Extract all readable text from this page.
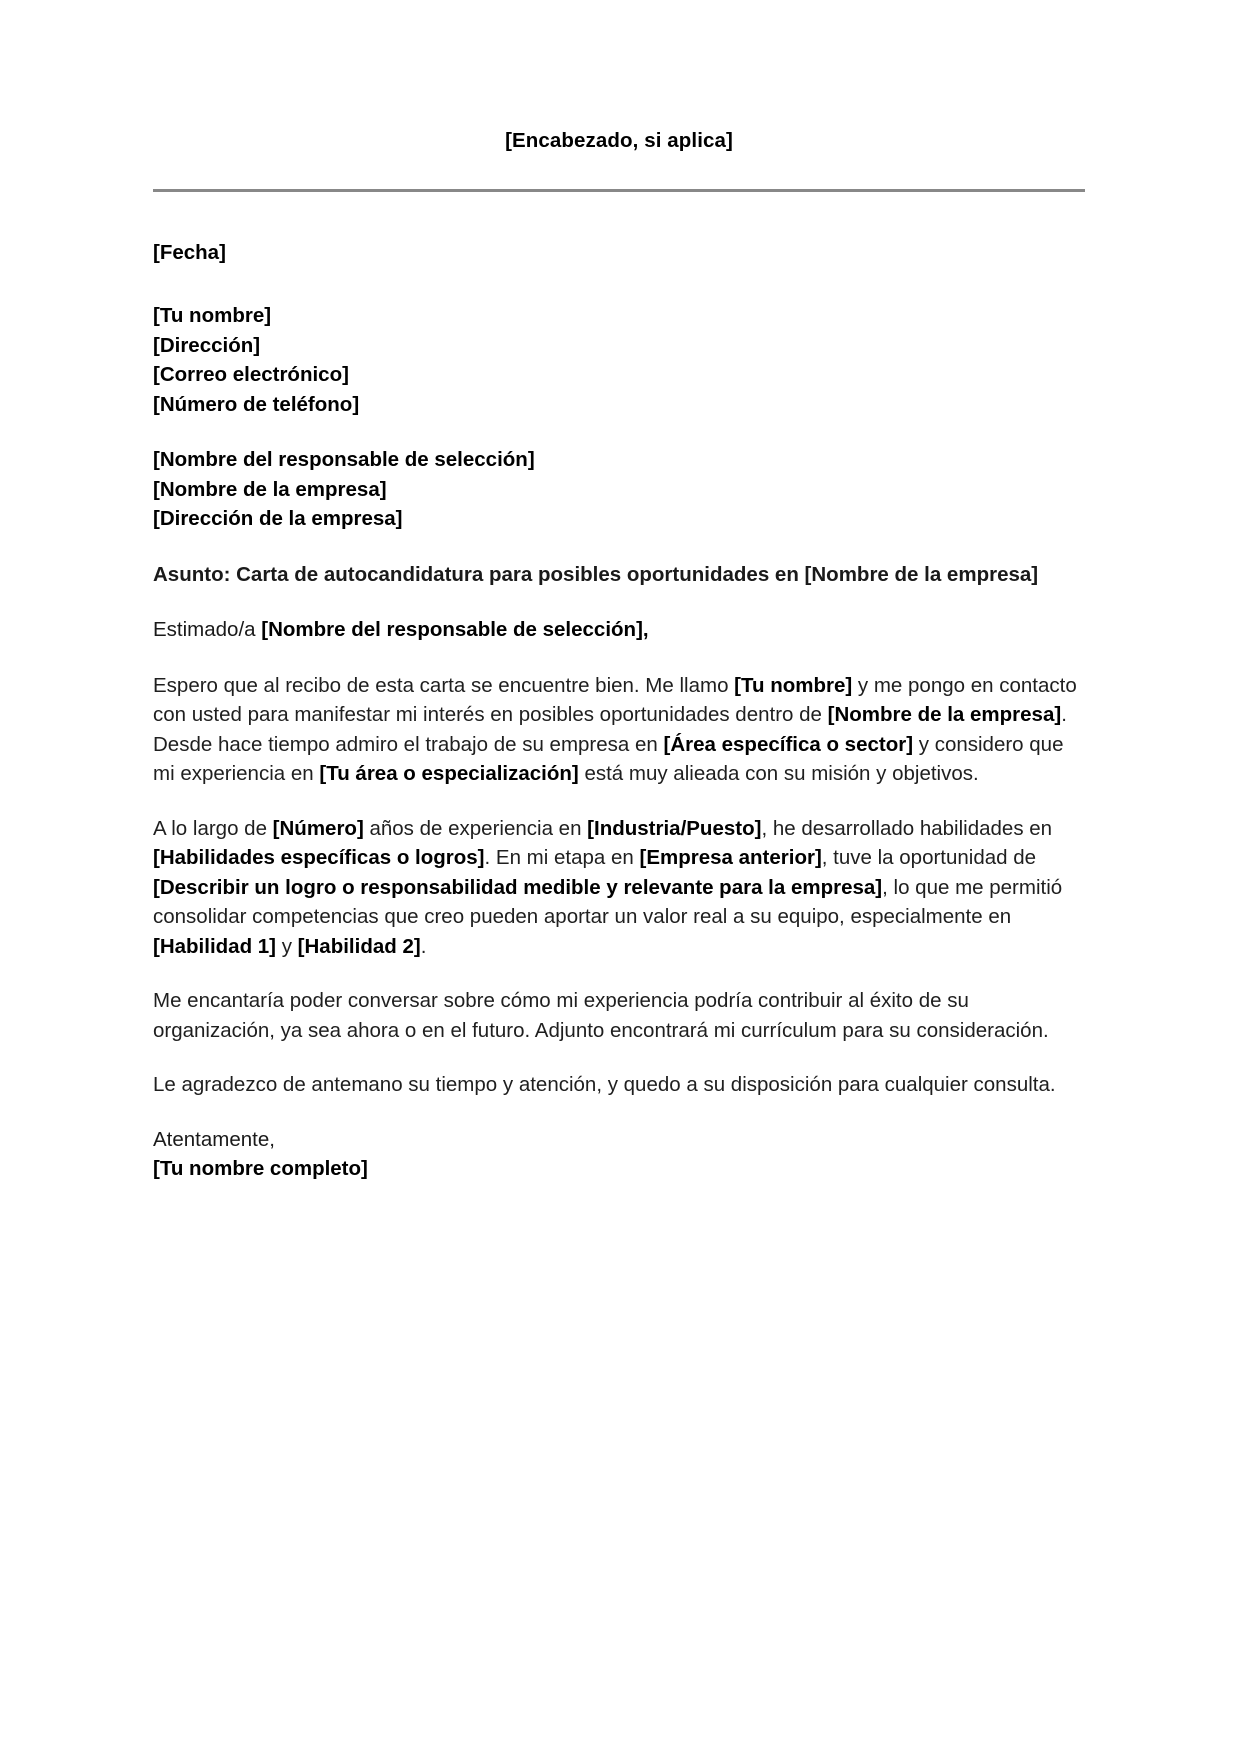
[Encabezado, si aplica]
[Fecha]
[Tu nombre]
[Dirección]
[Correo electrónico]
[Número de teléfono]
[Nombre del responsable de selección]
[Nombre de la empresa]
[Dirección de la empresa]

Asunto: Carta de autocandidatura para posibles oportunidades en [Nombre de la empresa]

Estimado/a [Nombre del responsable de selección],

Espero que al recibo de esta carta se encuentre bien. Me llamo [Tu nombre] y me pongo en contacto con usted para manifestar mi interés en posibles oportunidades dentro de [Nombre de la empresa]. Desde hace tiempo admiro el trabajo de su empresa en [Área específica o sector] y considero que mi experiencia en [Tu área o especialización] está muy alieada con su misión y objetivos.

A lo largo de [Número] años de experiencia en [Industria/Puesto], he desarrollado habilidades en [Habilidades específicas o logros]. En mi etapa en [Empresa anterior], tuve la oportunidad de [Describir un logro o responsabilidad medible y relevante para la empresa], lo que me permitió consolidar competencias que creo pueden aportar un valor real a su equipo, especialmente en [Habilidad 1] y [Habilidad 2].

Me encantaría poder conversar sobre cómo mi experiencia podría contribuir al éxito de su organización, ya sea ahora o en el futuro. Adjunto encontrará mi currículum para su consideración.

Le agradezco de antemano su tiempo y atención, y quedo a su disposición para cualquier consulta.

Atentamente,
[Tu nombre completo]
